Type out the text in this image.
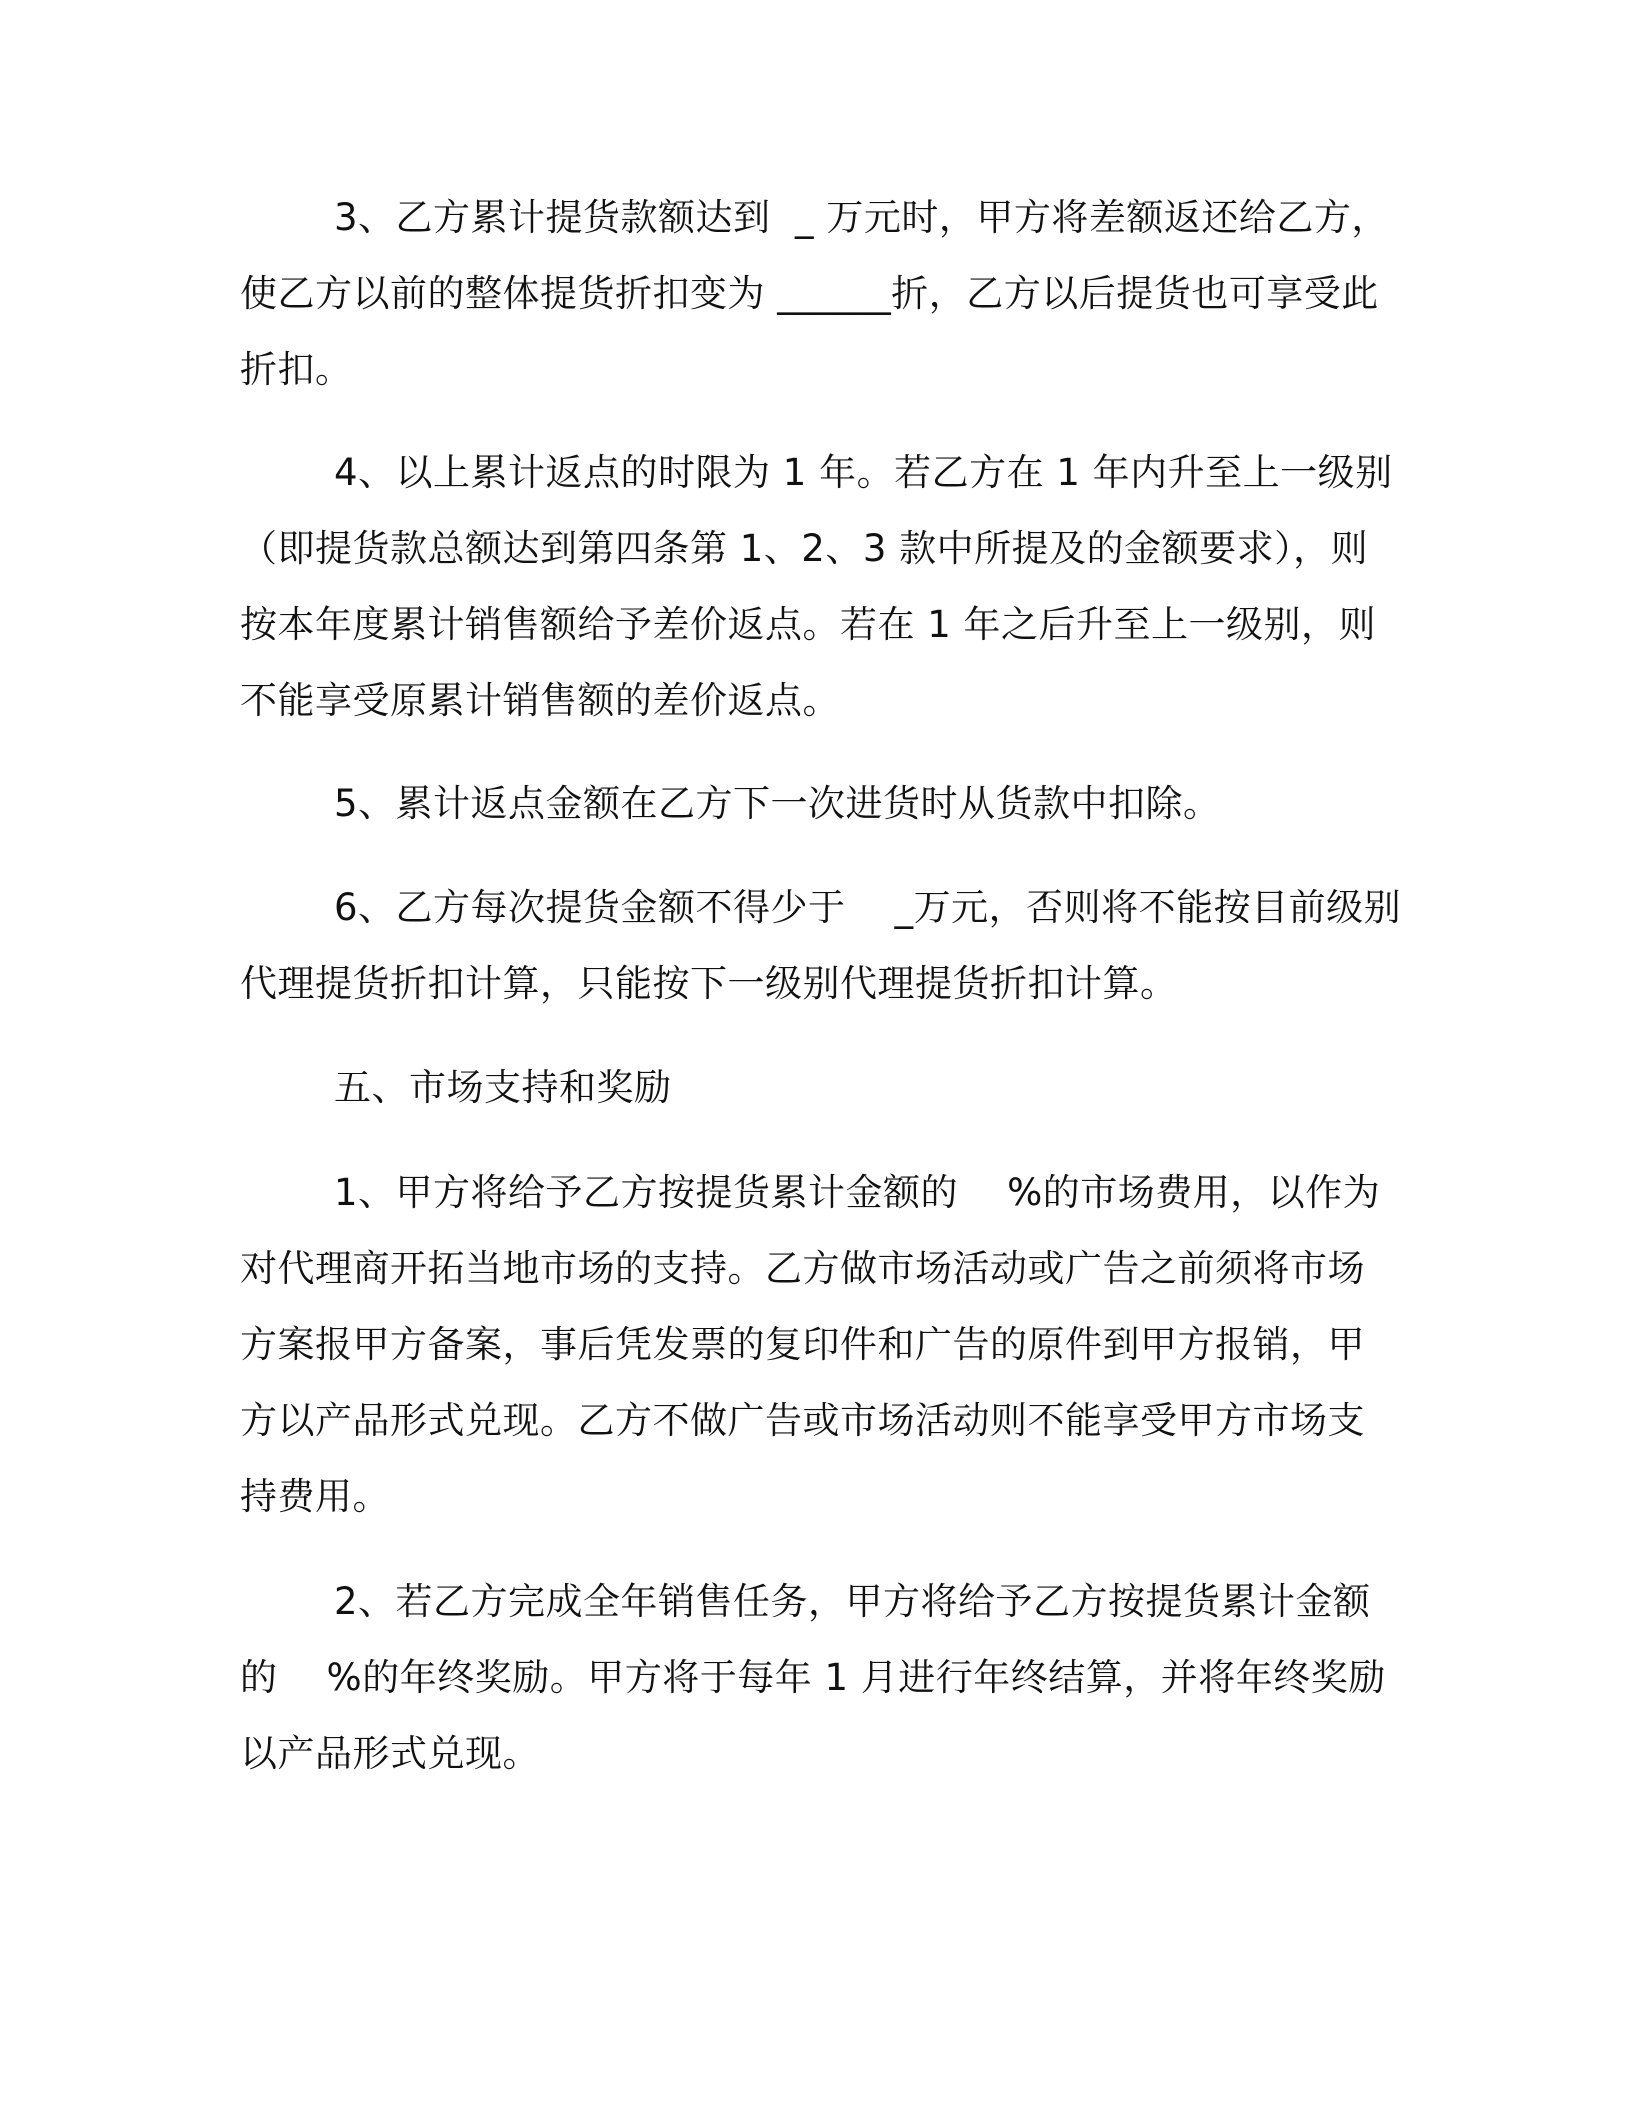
3、乙方累计提货款额达到  _ 万元时，甲方将差额返还给乙方，

使乙方以前的整体提货折扣变为 ______折，乙方以后提货也可享受此

折扣。

4、以上累计返点的时限为 1 年。若乙方在 1 年内升至上一级别

（即提货款总额达到第四条第 1、2、3 款中所提及的金额要求），则

按本年度累计销售额给予差价返点。若在 1 年之后升至上一级别，则

不能享受原累计销售额的差价返点。

5、累计返点金额在乙方下一次进货时从货款中扣除。

6、乙方每次提货金额不得少于    _万元，否则将不能按目前级别

代理提货折扣计算，只能按下一级别代理提货折扣计算。

五、市场支持和奖励

1、甲方将给予乙方按提货累计金额的    %的市场费用，以作为

对代理商开拓当地市场的支持。乙方做市场活动或广告之前须将市场

方案报甲方备案，事后凭发票的复印件和广告的原件到甲方报销，甲

方以产品形式兑现。乙方不做广告或市场活动则不能享受甲方市场支

持费用。

2、若乙方完成全年销售任务，甲方将给予乙方按提货累计金额

的    %的年终奖励。甲方将于每年 1 月进行年终结算，并将年终奖励

以产品形式兑现。
